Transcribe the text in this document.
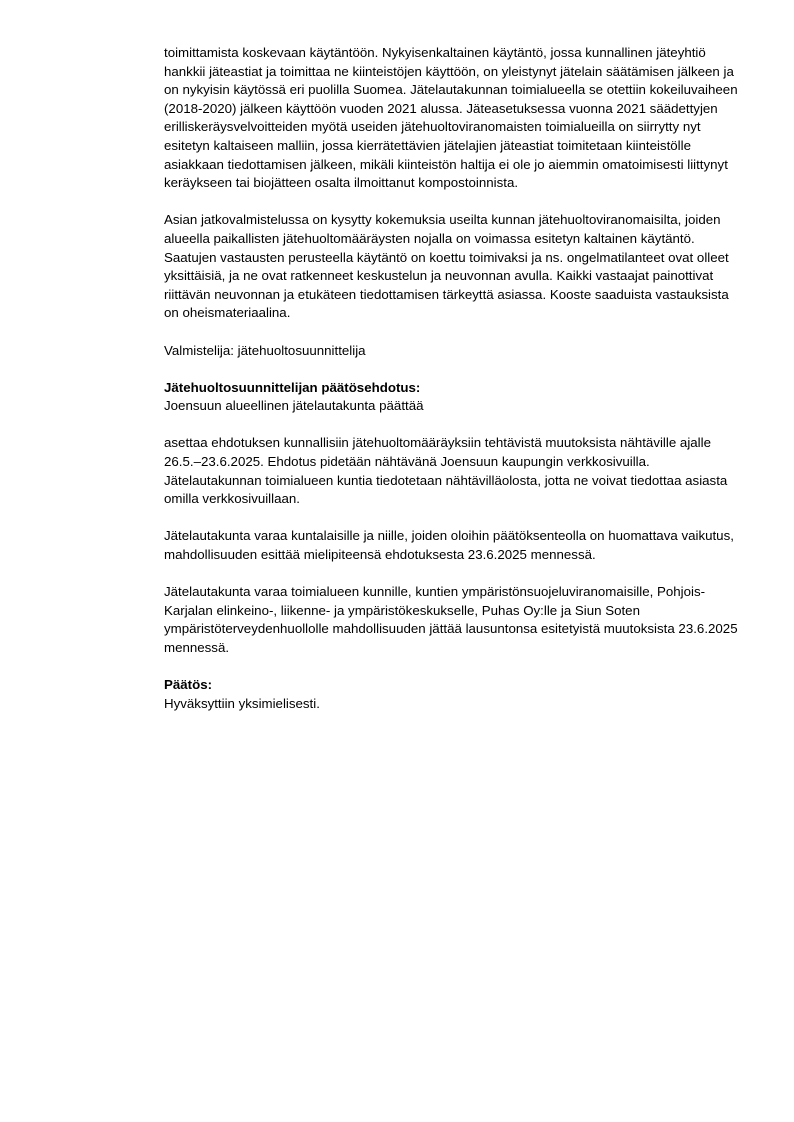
toimittamista koskevaan käytäntöön. Nykyisenkaltainen käytäntö, jossa kunnallinen jäteyhtiö hankkii jäteastiat ja toimittaa ne kiinteistöjen käyttöön, on yleistynyt jätelain säätämisen jälkeen ja on nykyisin käytössä eri puolilla Suomea. Jätelautakunnan toimialueella se otettiin kokeiluvaiheen (2018-2020) jälkeen käyttöön vuoden 2021 alussa. Jäteasetuksessa vuonna 2021 säädettyjen erilliskeräysvelvoitteiden myötä useiden jätehuoltoviranomaisten toimialueilla on siirrytty nyt esitetyn kaltaiseen malliin, jossa kierrätettävien jätelajien jäteastiat toimitetaan kiinteistölle asiakkaan tiedottamisen jälkeen, mikäli kiinteistön haltija ei ole jo aiemmin omatoimisesti liittynyt keräykseen tai biojätteen osalta ilmoittanut kompostoinnista.

Asian jatkovalmistelussa on kysytty kokemuksia useilta kunnan jätehuoltoviranomaisilta, joiden alueella paikallisten jätehuoltomääräysten nojalla on voimassa esitetyn kaltainen käytäntö. Saatujen vastausten perusteella käytäntö on koettu toimivaksi ja ns. ongelmatilanteet ovat olleet yksittäisiä, ja ne ovat ratkenneet keskustelun ja neuvonnan avulla. Kaikki vastaajat painottivat riittävän neuvonnan ja etukäteen tiedottamisen tärkeyttä asiassa. Kooste saaduista vastauksista on oheismateriaalina.

Valmistelija: jätehuoltosuunnittelija

Jätehuoltosuunnittelijan päätösehdotus:

Joensuun alueellinen jätelautakunta päättää

asettaa ehdotuksen kunnallisiin jätehuoltomääräyksiin tehtävistä muutoksista nähtäville ajalle 26.5.–23.6.2025. Ehdotus pidetään nähtävänä Joensuun kaupungin verkkosivuilla. Jätelautakunnan toimialueen kuntia tiedotetaan nähtävilläolosta, jotta ne voivat tiedottaa asiasta omilla verkkosivuillaan.

Jätelautakunta varaa kuntalaisille ja niille, joiden oloihin päätöksenteolla on huomattava vaikutus, mahdollisuuden esittää mielipiteensä ehdotuksesta 23.6.2025 mennessä.

Jätelautakunta varaa toimialueen kunnille, kuntien ympäristönsuojeluviranomaisille, Pohjois-Karjalan elinkeino-, liikenne- ja ympäristökeskukselle, Puhas Oy:lle ja Siun Soten ympäristöterveydenhuollolle mahdollisuuden jättää lausuntonsa esitetyistä muutoksista 23.6.2025 mennessä.

Päätös:

Hyväksyttiin yksimielisesti.
